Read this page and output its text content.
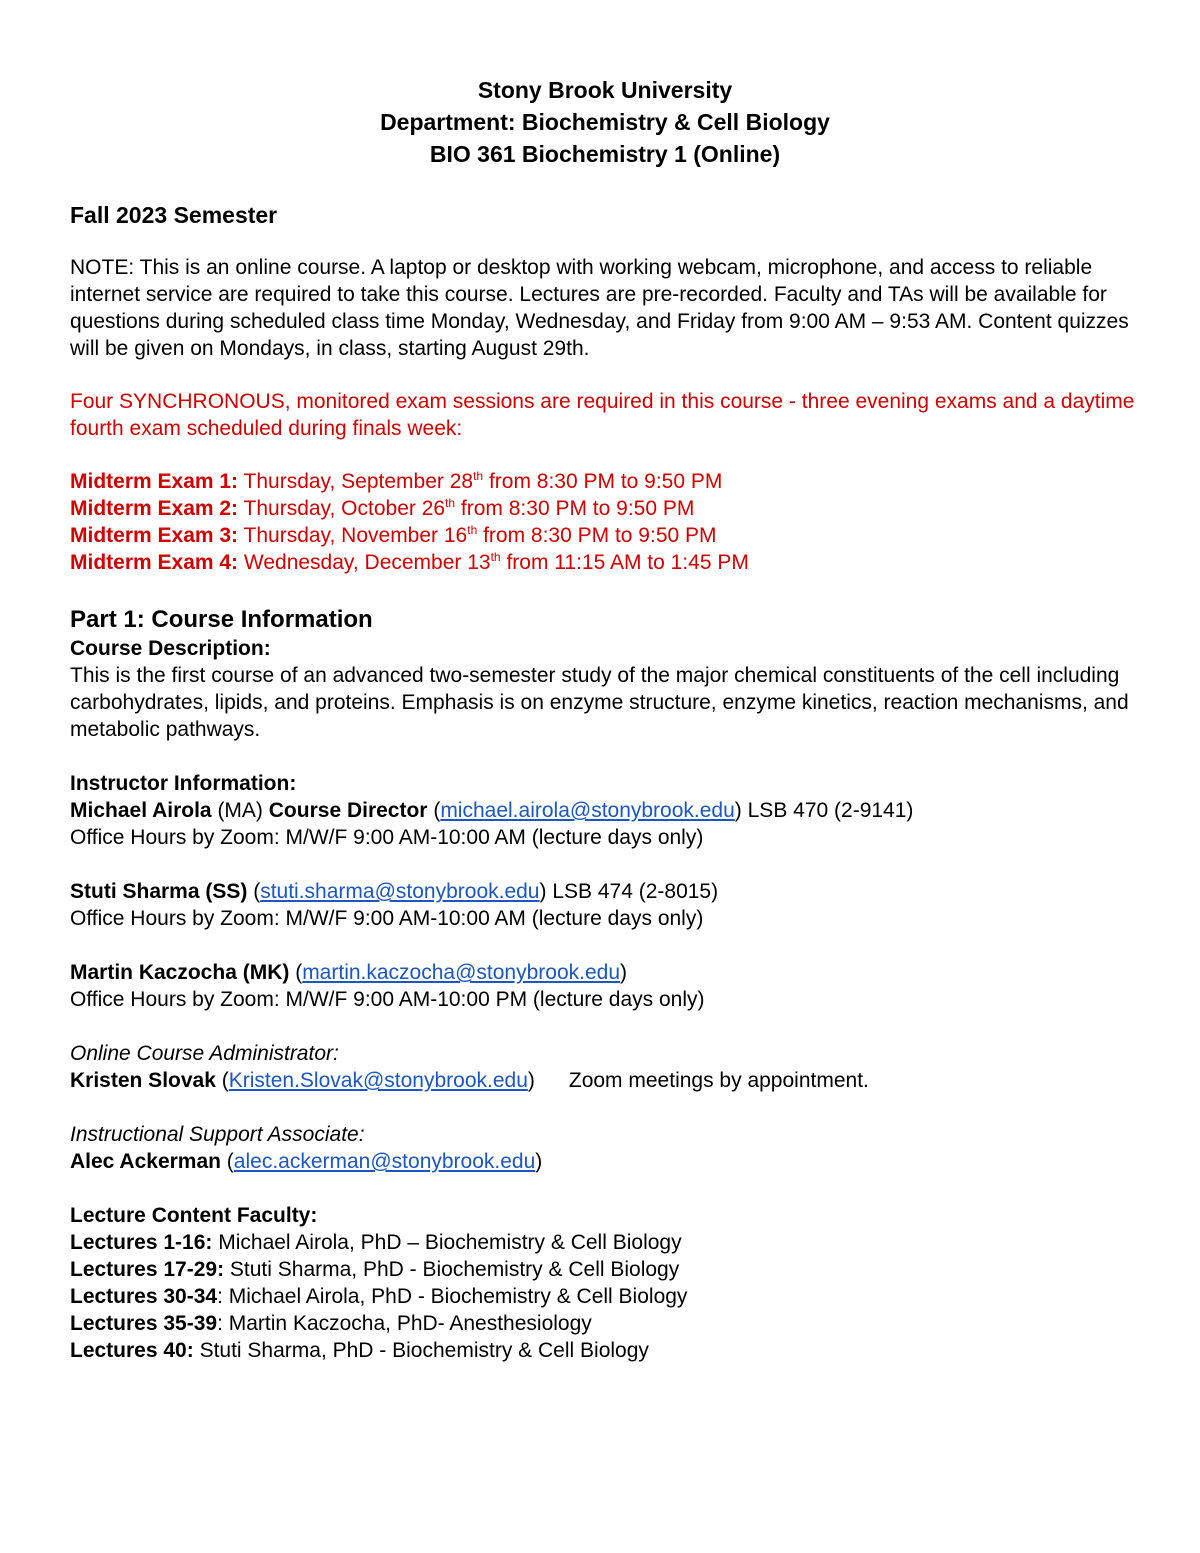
Stony Brook University
Department: Biochemistry & Cell Biology
BIO 361 Biochemistry 1 (Online)
Fall 2023 Semester

NOTE: This is an online course. A laptop or desktop with working webcam, microphone, and access to reliable internet service are required to take this course. Lectures are pre-recorded. Faculty and TAs will be available for questions during scheduled class time Monday, Wednesday, and Friday from 9:00 AM – 9:53 AM. Content quizzes will be given on Mondays, in class, starting August 29th.

Four SYNCHRONOUS, monitored exam sessions are required in this course - three evening exams and a daytime fourth exam scheduled during finals week:

Midterm Exam 1: Thursday, September 28th from 8:30 PM to 9:50 PM
Midterm Exam 2: Thursday, October 26th from 8:30 PM to 9:50 PM
Midterm Exam 3: Thursday, November 16th from 8:30 PM to 9:50 PM
Midterm Exam 4: Wednesday, December 13th from 11:15 AM to 1:45 PM
Part 1: Course Information
Course Description:

This is the first course of an advanced two-semester study of the major chemical constituents of the cell including carbohydrates, lipids, and proteins. Emphasis is on enzyme structure, enzyme kinetics, reaction mechanisms, and metabolic pathways.

Instructor Information:
Michael Airola (MA) Course Director (michael.airola@stonybrook.edu) LSB 470 (2-9141)
Office Hours by Zoom: M/W/F 9:00 AM-10:00 AM (lecture days only)
Stuti Sharma (SS) (stuti.sharma@stonybrook.edu) LSB 474 (2-8015)
Office Hours by Zoom: M/W/F 9:00 AM-10:00 AM (lecture days only)
Martin Kaczocha (MK) (martin.kaczocha@stonybrook.edu)
Office Hours by Zoom: M/W/F 9:00 AM-10:00 PM (lecture days only)
Online Course Administrator:
Kristen Slovak (Kristen.Slovak@stonybrook.edu) Zoom meetings by appointment.
Instructional Support Associate:
Alec Ackerman (alec.ackerman@stonybrook.edu)
Lecture Content Faculty:
Lectures 1-16: Michael Airola, PhD – Biochemistry & Cell Biology
Lectures 17-29: Stuti Sharma, PhD - Biochemistry & Cell Biology
Lectures 30-34: Michael Airola, PhD - Biochemistry & Cell Biology
Lectures 35-39: Martin Kaczocha, PhD- Anesthesiology
Lectures 40: Stuti Sharma, PhD - Biochemistry & Cell Biology
